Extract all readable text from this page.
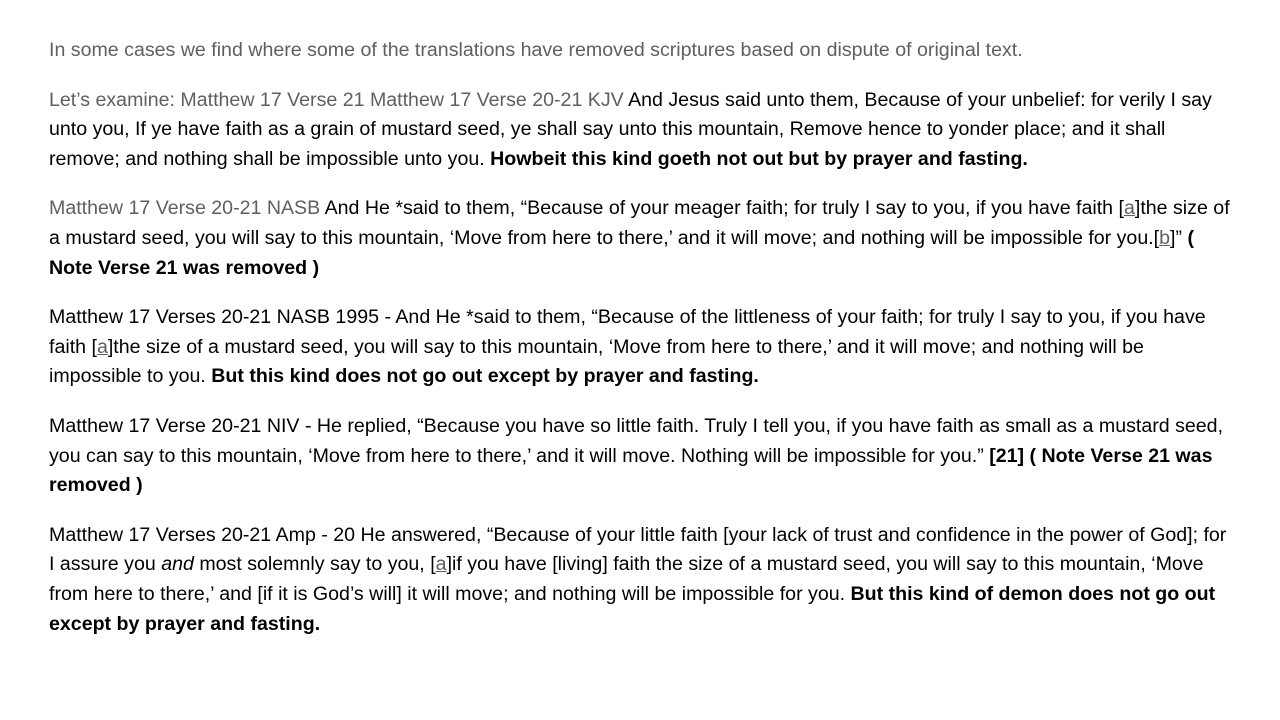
In some cases we find where some of the translations have removed scriptures based on dispute of original text.

Let’s examine: Matthew 17 Verse 21 Matthew 17 Verse 20-21 KJV And Jesus said unto them, Because of your unbelief: for verily I say unto you, If ye have faith as a grain of mustard seed, ye shall say unto this mountain, Remove hence to yonder place; and it shall remove; and nothing shall be impossible unto you. Howbeit this kind goeth not out but by prayer and fasting.

Matthew 17 Verse 20-21 NASB And He *said to them, “Because of your meager faith; for truly I say to you, if you have faith [a]the size of a mustard seed, you will say to this mountain, ‘Move from here to there,’ and it will move; and nothing will be impossible for you.[b]” ( Note Verse 21 was removed )

Matthew 17 Verses 20-21 NASB 1995 - And He *said to them, “Because of the littleness of your faith; for truly I say to you, if you have faith [a]the size of a mustard seed, you will say to this mountain, ‘Move from here to there,’ and it will move; and nothing will be impossible to you. But this kind does not go out except by prayer and fasting.

Matthew 17 Verse 20-21 NIV - He replied, “Because you have so little faith. Truly I tell you, if you have faith as small as a mustard seed, you can say to this mountain, ‘Move from here to there,’ and it will move. Nothing will be impossible for you.” [21] ( Note Verse 21 was removed )

Matthew 17 Verses 20-21 Amp - 20 He answered, “Because of your little faith [your lack of trust and confidence in the power of God]; for I assure you and most solemnly say to you, [a]if you have [living] faith the size of a mustard seed, you will say to this mountain, ‘Move from here to there,’ and [if it is God’s will] it will move; and nothing will be impossible for you. But this kind of demon does not go out except by prayer and fasting.
